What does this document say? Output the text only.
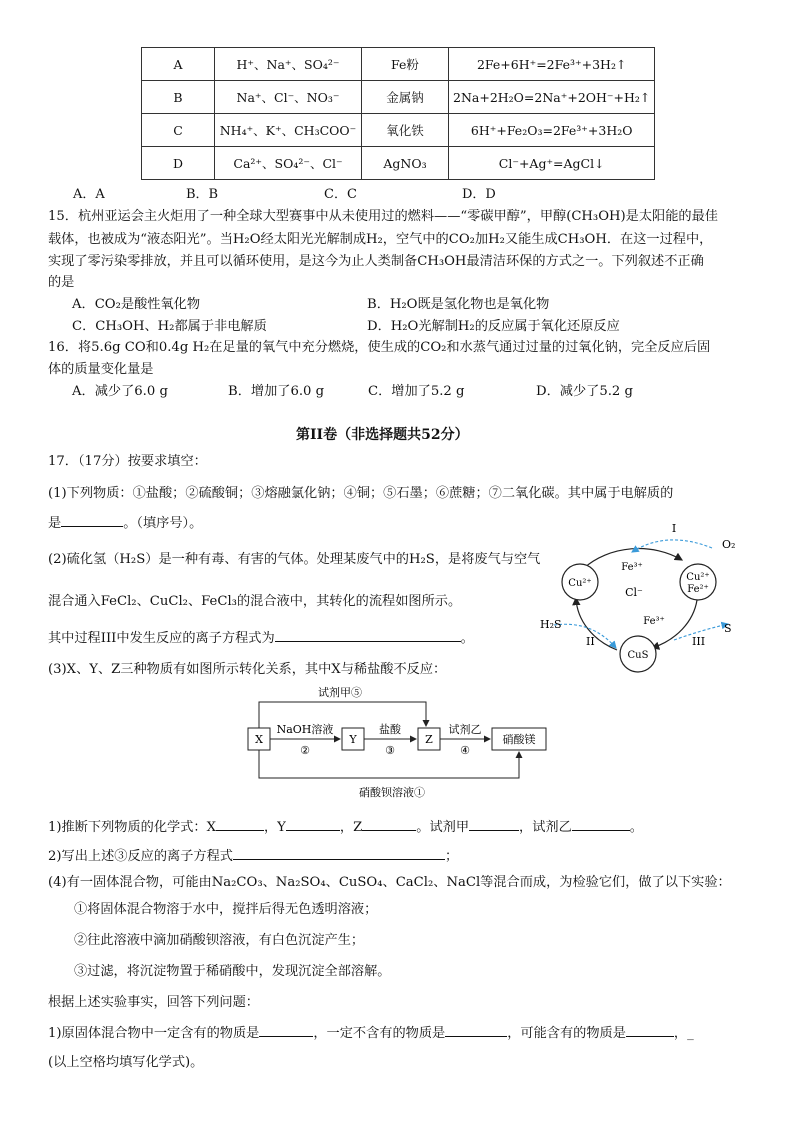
A	H⁺、Na⁺、SO₄²⁻	Fe粉	2Fe+6H⁺=2Fe³⁺+3H₂↑
B	Na⁺、Cl⁻、NO₃⁻	金属钠	2Na+2H₂O=2Na⁺+2OH⁻+H₂↑
C	NH₄⁺、K⁺、CH₃COO⁻	氧化铁	6H⁺+Fe₂O₃=2Fe³⁺+3H₂O
D	Ca²⁺、SO₄²⁻、Cl⁻	AgNO₃	Cl⁻+Ag⁺=AgCl↓
A．A	B．B	C．C	D．D
15．杭州亚运会主火炬用了一种全球大型赛事中从未使用过的燃料——“零碳甲醇”，甲醇(CH₃OH)是太阳能的最佳
载体，也被成为“液态阳光”。当H₂O经太阳光光解制成H₂，空气中的CO₂加H₂又能生成CH₃OH．在这一过程中，
实现了零污染零排放，并且可以循环使用，是这今为止人类制备CH₃OH最清洁环保的方式之一。下列叙述不正确
的是
A．CO₂是酸性氧化物	B．H₂O既是氢化物也是氧化物
C．CH₃OH、H₂都属于非电解质	D．H₂O光解制H₂的反应属于氧化还原反应
16．将5.6g CO和0.4g H₂在足量的氧气中充分燃烧，使生成的CO₂和水蒸气通过过量的过氧化钠，完全反应后固
体的质量变化量是
A．减少了6.0 g	B．增加了6.0 g	C．增加了5.2 g	D．减少了5.2 g
第II卷（非选择题共52分）
17．（17分）按要求填空：
(1)下列物质：①盐酸；②硫酸铜；③熔融氯化钠；④铜；⑤石墨；⑥蔗糖；⑦二氧化碳。其中属于电解质的
是	。（填序号）。
(2)硫化氢（H₂S）是一种有毒、有害的气体。处理某废气中的H₂S，是将废气与空气
混合通入FeCl₂、CuCl₂、FeCl₃的混合液中，其转化的流程如图所示。
其中过程III中发生反应的离子方程式为	。
(3)X、Y、Z三种物质有如图所示转化关系，其中X与稀盐酸不反应：
Cu²⁺
Cu²⁺
Fe²⁺
CuS
Fe³⁺
Cl⁻
Fe³⁺
I
O₂
H₂S
II	III
S
X	Y	Z	硝酸镁
试剂甲⑤
NaOH溶液
②
盐酸
③
试剂乙
④
硝酸钡溶液①
1)推断下列物质的化学式：X	，Y	，Z	。试剂甲	，试剂乙	。
2)写出上述③反应的离子方程式	；
(4)有一固体混合物，可能由Na₂CO₃、Na₂SO₄、CuSO₄、CaCl₂、NaCl等混合而成，为检验它们，做了以下实验：
①将固体混合物溶于水中，搅拌后得无色透明溶液；
②往此溶液中滴加硝酸钡溶液，有白色沉淀产生；
③过滤，将沉淀物置于稀硝酸中，发现沉淀全部溶解。
根据上述实验事实，回答下列问题：
1)原固体混合物中一定含有的物质是	，一定不含有的物质是	，可能含有的物质是	，_
(以上空格均填写化学式)。
